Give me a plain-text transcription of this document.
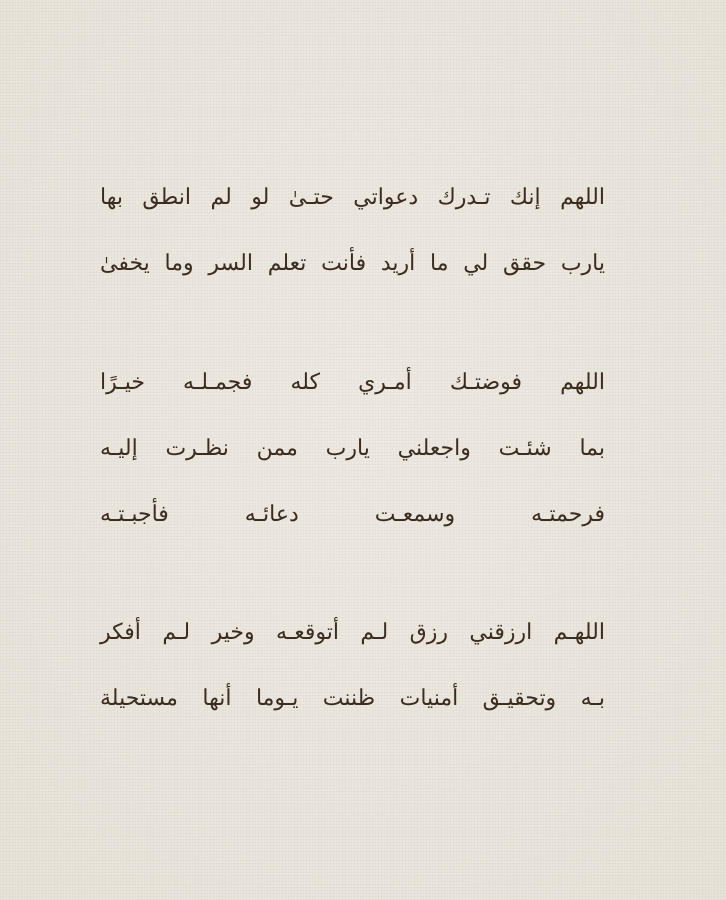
اللهم إنك تـدرك دعواتي حتـىٰ لو لم انطق بها
يارب حقق لي ما أريد فأنت تعلم السر وما يخفىٰ
اللهم فوضتـك أمـري كله فجمـلـه خيـرًا
بما شئـت واجعلني يارب ممن نظـرت إليـه
فرحمتـه وسمعـت دعائـه فأجبـتـه
اللهـم ارزقني رزق لـم أتوقعـه وخير لـم أفكر
بـه وتحقيـق أمنيات ظننت يـوما أنها مستحيلة
